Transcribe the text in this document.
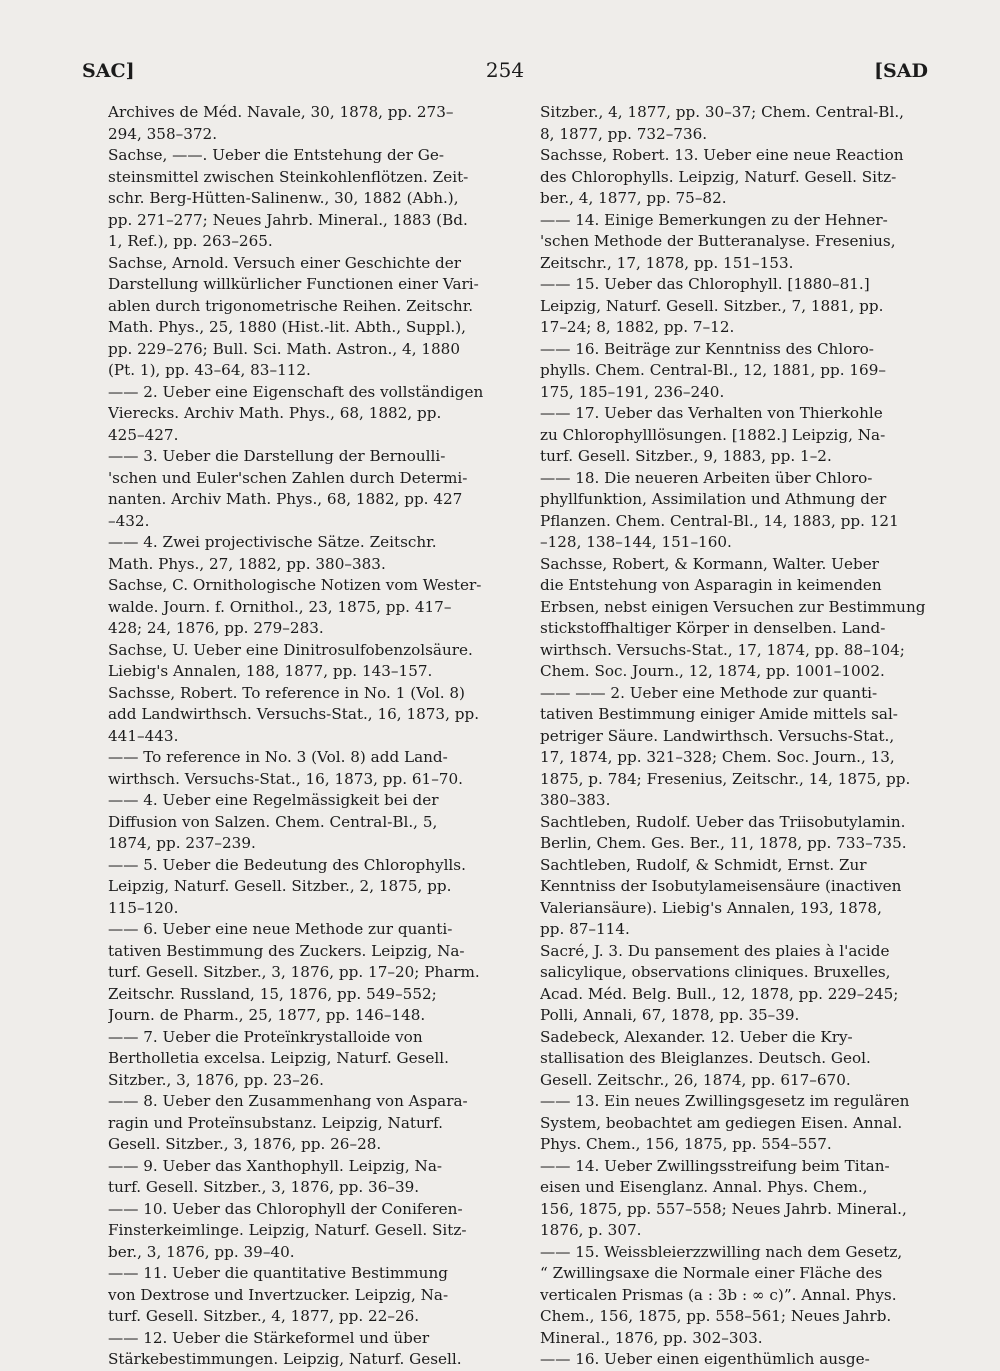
SAC]	254	[SAD
Archives de Méd. Navale, 30, 1878, pp. 273–
294, 358–372.
Sachse, ——. Ueber die Entstehung der Ge-
steinsmittel zwischen Steinkohlenflötzen. Zeit-
schr. Berg-Hütten-Salinenw., 30, 1882 (Abh.),
pp. 271–277; Neues Jahrb. Mineral., 1883 (Bd.
1, Ref.), pp. 263–265.
Sachse, Arnold. Versuch einer Geschichte der
Darstellung willkürlicher Functionen einer Vari-
ablen durch trigonometrische Reihen. Zeitschr.
Math. Phys., 25, 1880 (Hist.-lit. Abth., Suppl.),
pp. 229–276; Bull. Sci. Math. Astron., 4, 1880
(Pt. 1), pp. 43–64, 83–112.
—— 2. Ueber eine Eigenschaft des vollständigen
Vierecks. Archiv Math. Phys., 68, 1882, pp.
425–427.
—— 3. Ueber die Darstellung der Bernoulli-
'schen und Euler'schen Zahlen durch Determi-
nanten. Archiv Math. Phys., 68, 1882, pp. 427
–432.
—— 4. Zwei projectivische Sätze. Zeitschr.
Math. Phys., 27, 1882, pp. 380–383.
Sachse, C. Ornithologische Notizen vom Wester-
walde. Journ. f. Ornithol., 23, 1875, pp. 417–
428; 24, 1876, pp. 279–283.
Sachse, U. Ueber eine Dinitrosulfobenzolsäure.
Liebig's Annalen, 188, 1877, pp. 143–157.
Sachsse, Robert. To reference in No. 1 (Vol. 8)
add Landwirthsch. Versuchs-Stat., 16, 1873, pp.
441–443.
—— To reference in No. 3 (Vol. 8) add Land-
wirthsch. Versuchs-Stat., 16, 1873, pp. 61–70.
—— 4. Ueber eine Regelmässigkeit bei der
Diffusion von Salzen. Chem. Central-Bl., 5,
1874, pp. 237–239.
—— 5. Ueber die Bedeutung des Chlorophylls.
Leipzig, Naturf. Gesell. Sitzber., 2, 1875, pp.
115–120.
—— 6. Ueber eine neue Methode zur quanti-
tativen Bestimmung des Zuckers. Leipzig, Na-
turf. Gesell. Sitzber., 3, 1876, pp. 17–20; Pharm.
Zeitschr. Russland, 15, 1876, pp. 549–552;
Journ. de Pharm., 25, 1877, pp. 146–148.
—— 7. Ueber die Proteïnkrystalloide von
Bertholletia excelsa. Leipzig, Naturf. Gesell.
Sitzber., 3, 1876, pp. 23–26.
—— 8. Ueber den Zusammenhang von Aspara-
ragin und Proteïnsubstanz. Leipzig, Naturf.
Gesell. Sitzber., 3, 1876, pp. 26–28.
—— 9. Ueber das Xanthophyll. Leipzig, Na-
turf. Gesell. Sitzber., 3, 1876, pp. 36–39.
—— 10. Ueber das Chlorophyll der Coniferen-
Finsterkeimlinge. Leipzig, Naturf. Gesell. Sitz-
ber., 3, 1876, pp. 39–40.
—— 11. Ueber die quantitative Bestimmung
von Dextrose und Invertzucker. Leipzig, Na-
turf. Gesell. Sitzber., 4, 1877, pp. 22–26.
—— 12. Ueber die Stärkeformel und über
Stärkebestimmungen. Leipzig, Naturf. Gesell.
Sitzber., 4, 1877, pp. 30–37; Chem. Central-Bl.,
8, 1877, pp. 732–736.
Sachsse, Robert. 13. Ueber eine neue Reaction
des Chlorophylls. Leipzig, Naturf. Gesell. Sitz-
ber., 4, 1877, pp. 75–82.
—— 14. Einige Bemerkungen zu der Hehner-
'schen Methode der Butteranalyse. Fresenius,
Zeitschr., 17, 1878, pp. 151–153.
—— 15. Ueber das Chlorophyll. [1880–81.]
Leipzig, Naturf. Gesell. Sitzber., 7, 1881, pp.
17–24; 8, 1882, pp. 7–12.
—— 16. Beiträge zur Kenntniss des Chloro-
phylls. Chem. Central-Bl., 12, 1881, pp. 169–
175, 185–191, 236–240.
—— 17. Ueber das Verhalten von Thierkohle
zu Chlorophylllösungen. [1882.] Leipzig, Na-
turf. Gesell. Sitzber., 9, 1883, pp. 1–2.
—— 18. Die neueren Arbeiten über Chloro-
phyllfunktion, Assimilation und Athmung der
Pflanzen. Chem. Central-Bl., 14, 1883, pp. 121
–128, 138–144, 151–160.
Sachsse, Robert, & Kormann, Walter. Ueber
die Entstehung von Asparagin in keimenden
Erbsen, nebst einigen Versuchen zur Bestimmung
stickstoffhaltiger Körper in denselben. Land-
wirthsch. Versuchs-Stat., 17, 1874, pp. 88–104;
Chem. Soc. Journ., 12, 1874, pp. 1001–1002.
—— —— 2. Ueber eine Methode zur quanti-
tativen Bestimmung einiger Amide mittels sal-
petriger Säure. Landwirthsch. Versuchs-Stat.,
17, 1874, pp. 321–328; Chem. Soc. Journ., 13,
1875, p. 784; Fresenius, Zeitschr., 14, 1875, pp.
380–383.
Sachtleben, Rudolf. Ueber das Triisobutylamin.
Berlin, Chem. Ges. Ber., 11, 1878, pp. 733–735.
Sachtleben, Rudolf, & Schmidt, Ernst. Zur
Kenntniss der Isobutylameisensäure (inactiven
Valeriansäure). Liebig's Annalen, 193, 1878,
pp. 87–114.
Sacré, J. 3. Du pansement des plaies à l'acide
salicylique, observations cliniques. Bruxelles,
Acad. Méd. Belg. Bull., 12, 1878, pp. 229–245;
Polli, Annali, 67, 1878, pp. 35–39.
Sadebeck, Alexander. 12. Ueber die Kry-
stallisation des Bleiglanzes. Deutsch. Geol.
Gesell. Zeitschr., 26, 1874, pp. 617–670.
—— 13. Ein neues Zwillingsgesetz im regulären
System, beobachtet am gediegen Eisen. Annal.
Phys. Chem., 156, 1875, pp. 554–557.
—— 14. Ueber Zwillingsstreifung beim Titan-
eisen und Eisenglanz. Annal. Phys. Chem.,
156, 1875, pp. 557–558; Neues Jahrb. Mineral.,
1876, p. 307.
—— 15. Weissbleierzzwilling nach dem Gesetz,
“ Zwillingsaxe die Normale einer Fläche des
verticalen Prismas (a : 3b : ∞ c)”. Annal. Phys.
Chem., 156, 1875, pp. 558–561; Neues Jahrb.
Mineral., 1876, pp. 302–303.
—— 16. Ueber einen eigenthümlich ausge-
